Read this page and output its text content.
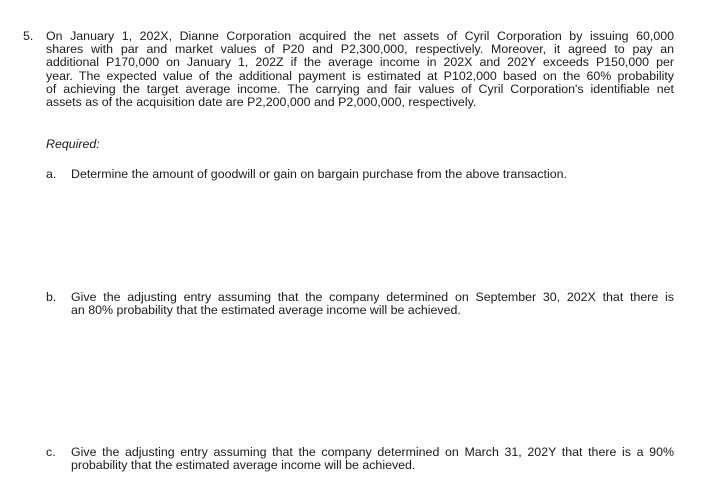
5. On January 1, 202X, Dianne Corporation acquired the net assets of Cyril Corporation by issuing 60,000
shares with par and market values of P20 and P2,300,000, respectively. Moreover, it agreed to pay an
additional P170,000 on January 1, 202Z if the average income in 202X and 202Y exceeds P150,000 per
year. The expected value of the additional payment is estimated at P102,000 based on the 60% probability
of achieving the target average income. The carrying and fair values of Cyril Corporation's identifiable net
assets as of the acquisition date are P2,200,000 and P2,000,000, respectively.
Required:
a. Determine the amount of goodwill or gain on bargain purchase from the above transaction.
b. Give the adjusting entry assuming that the company determined on September 30, 202X that there is
an 80% probability that the estimated average income will be achieved.
c. Give the adjusting entry assuming that the company determined on March 31, 202Y that there is a 90%
probability that the estimated average income will be achieved.
